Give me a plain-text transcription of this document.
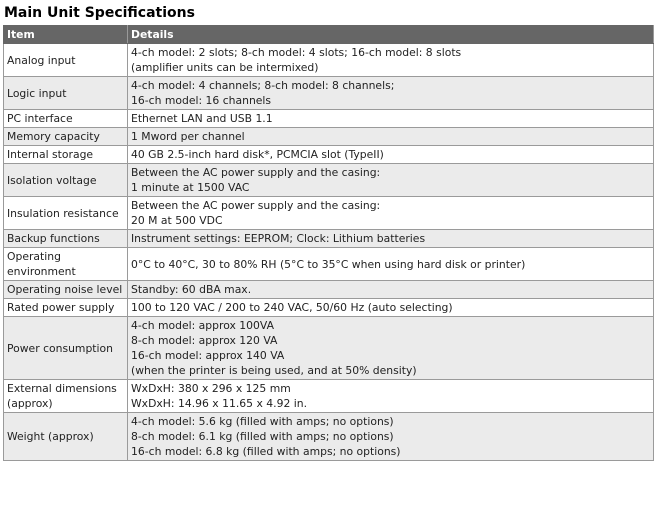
Main Unit Specifications
Item	Details

Analog input	4-ch model: 2 slots; 8-ch model: 4 slots; 16-ch model: 8 slots
(amplifier units can be intermixed)

Logic input	4-ch model: 4 channels; 8-ch model: 8 channels;
16-ch model: 16 channels

PC interface	Ethernet LAN and USB 1.1

Memory capacity	1 Mword per channel

Internal storage	40 GB 2.5-inch hard disk*, PCMCIA slot (TypeII)

Isolation voltage	Between the AC power supply and the casing:
1 minute at 1500 VAC

Insulation resistance	Between the AC power supply and the casing:
20 M at 500 VDC

Backup functions	Instrument settings: EEPROM; Clock: Lithium batteries

Operating
environment	0°C to 40°C, 30 to 80% RH (5°C to 35°C when using hard disk or printer)

Operating noise level	Standby: 60 dBA max.

Rated power supply	100 to 120 VAC / 200 to 240 VAC, 50/60 Hz (auto selecting)

Power consumption	4-ch model: approx 100VA
8-ch model: approx 120 VA
16-ch model: approx 140 VA
(when the printer is being used, and at 50% density)

External dimensions
(approx)	WxDxH: 380 x 296 x 125 mm
WxDxH: 14.96 x 11.65 x 4.92 in.

Weight (approx)	4-ch model: 5.6 kg (filled with amps; no options)
8-ch model: 6.1 kg (filled with amps; no options)
16-ch model: 6.8 kg (filled with amps; no options)
